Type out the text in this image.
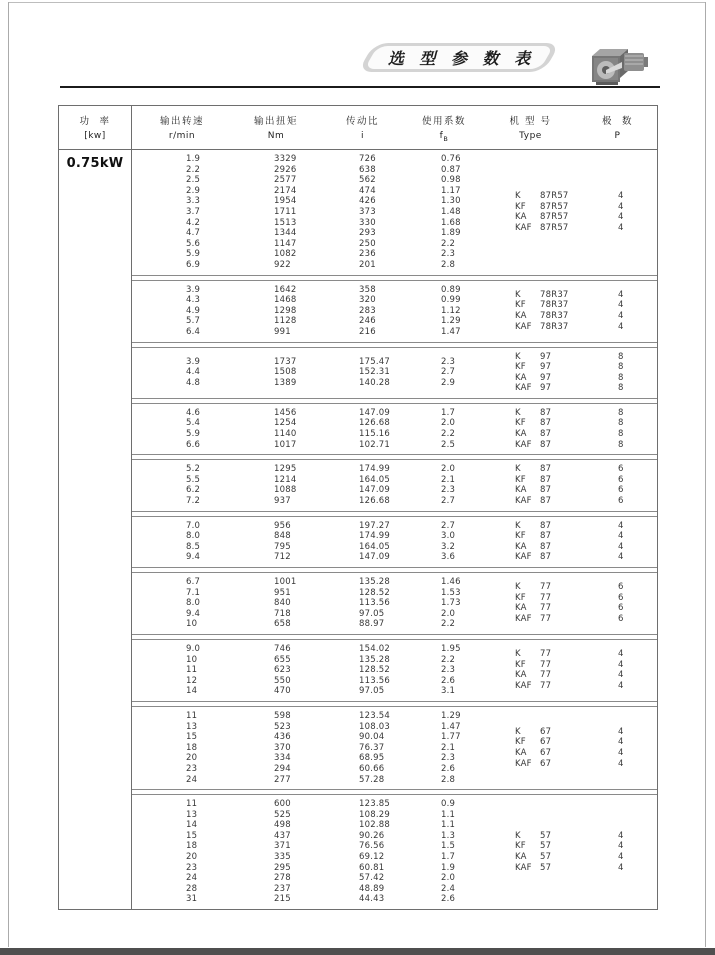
选 型 参 数 表
功  率
[kw]
输出转速
r/min
输出扭矩
Nm
传动比
i
使用系数
$f_B$
机 型 号
Type
极  数
P
0.75kW	1.9
2.2
2.5
2.9
3.3
3.7
4.2
4.7
5.6
5.9
6.9
3329
2926
2577
2174
1954
1711
1513
1344
1147
1082
922
726
638
562
474
426
373
330
293
250
236
201
0.76
0.87
0.98
1.17
1.30
1.48
1.68
1.89
2.2
2.3
2.8
K 87R57
KF 87R57
KA 87R57
KAF 87R57
4
4
4
4
3.9
4.3
4.9
5.7
6.4
1642
1468
1298
1128
991
358
320
283
246
216
0.89
0.99
1.12
1.29
1.47
K 78R37
KF 78R37
KA 78R37
KAF 78R37
4
4
4
4
3.9
4.4
4.8
1737
1508
1389
175.47
152.31
140.28
2.3
2.7
2.9
K 97
KF 97
KA 97
KAF 97
8
8
8
8
4.6
5.4
5.9
6.6
1456
1254
1140
1017
147.09
126.68
115.16
102.71
1.7
2.0
2.2
2.5
K 87
KF 87
KA 87
KAF 87
8
8
8
8
5.2
5.5
6.2
7.2
1295
1214
1088
937
174.99
164.05
147.09
126.68
2.0
2.1
2.3
2.7
K 87
KF 87
KA 87
KAF 87
6
6
6
6
7.0
8.0
8.5
9.4
956
848
795
712
197.27
174.99
164.05
147.09
2.7
3.0
3.2
3.6
K 87
KF 87
KA 87
KAF 87
4
4
4
4
6.7
7.1
8.0
9.4
10
1001
951
840
718
658
135.28
128.52
113.56
97.05
88.97
1.46
1.53
1.73
2.0
2.2
K 77
KF 77
KA 77
KAF 77
6
6
6
6
9.0
10
11
12
14
746
655
623
550
470
154.02
135.28
128.52
113.56
97.05
1.95
2.2
2.3
2.6
3.1
K 77
KF 77
KA 77
KAF 77
4
4
4
4
11
13
15
18
20
23
24
598
523
436
370
334
294
277
123.54
108.03
90.04
76.37
68.95
60.66
57.28
1.29
1.47
1.77
2.1
2.3
2.6
2.8
K 67
KF 67
KA 67
KAF 67
4
4
4
4
11
13
14
15
18
20
23
24
28
31
600
525
498
437
371
335
295
278
237
215
123.85
108.29
102.88
90.26
76.56
69.12
60.81
57.42
48.89
44.43
0.9
1.1
1.1
1.3
1.5
1.7
1.9
2.0
2.4
2.6
K 57
KF 57
KA 57
KAF 57
4
4
4
4
